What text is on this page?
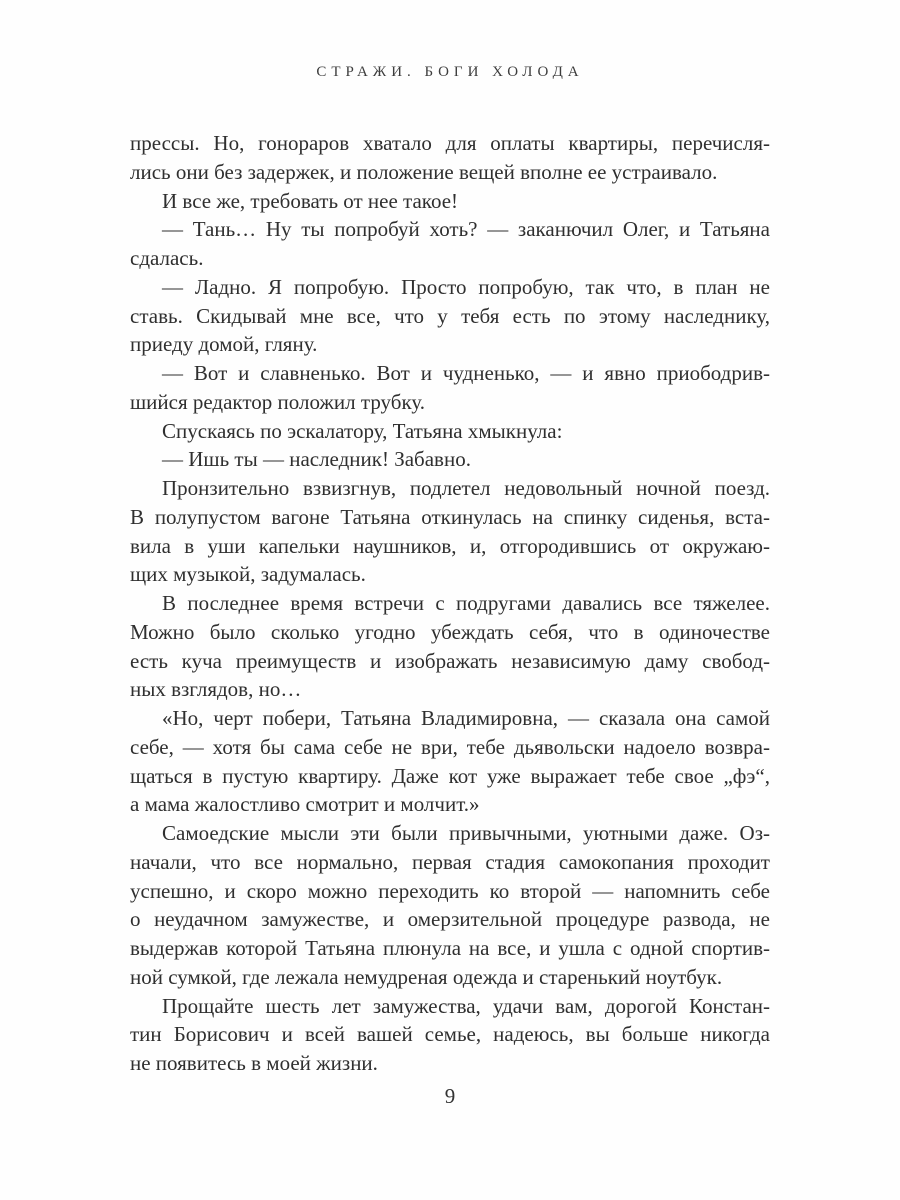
СТРАЖИ. БОГИ ХОЛОДА
прессы. Но, гонораров хватало для оплаты квартиры, перечисля-
лись они без задержек, и положение вещей вполне ее устраивало.
И все же, требовать от нее такое!
— Тань… Ну ты попробуй хоть? — заканючил Олег, и Татьяна
сдалась.
— Ладно. Я попробую. Просто попробую, так что, в план не
ставь. Скидывай мне все, что у тебя есть по этому наследнику,
приеду домой, гляну.
— Вот и славненько. Вот и чудненько, — и явно приободрив-
шийся редактор положил трубку.
Спускаясь по эскалатору, Татьяна хмыкнула:
— Ишь ты — наследник! Забавно.
Пронзительно взвизгнув, подлетел недовольный ночной поезд.
В полупустом вагоне Татьяна откинулась на спинку сиденья, вста-
вила в уши капельки наушников, и, отгородившись от окружаю-
щих музыкой, задумалась.
В последнее время встречи с подругами давались все тяжелее.
Можно было сколько угодно убеждать себя, что в одиночестве
есть куча преимуществ и изображать независимую даму свобод-
ных взглядов, но…
«Но, черт побери, Татьяна Владимировна, — сказала она самой
себе, — хотя бы сама себе не ври, тебе дьявольски надоело возвра-
щаться в пустую квартиру. Даже кот уже выражает тебе свое „фэ“,
а мама жалостливо смотрит и молчит.»
Самоедские мысли эти были привычными, уютными даже. Оз-
начали, что все нормально, первая стадия самокопания проходит
успешно, и скоро можно переходить ко второй — напомнить себе
о неудачном замужестве, и омерзительной процедуре развода, не
выдержав которой Татьяна плюнула на все, и ушла с одной спортив-
ной сумкой, где лежала немудреная одежда и старенький ноутбук.
Прощайте шесть лет замужества, удачи вам, дорогой Констан-
тин Борисович и всей вашей семье, надеюсь, вы больше никогда
не появитесь в моей жизни.
9
